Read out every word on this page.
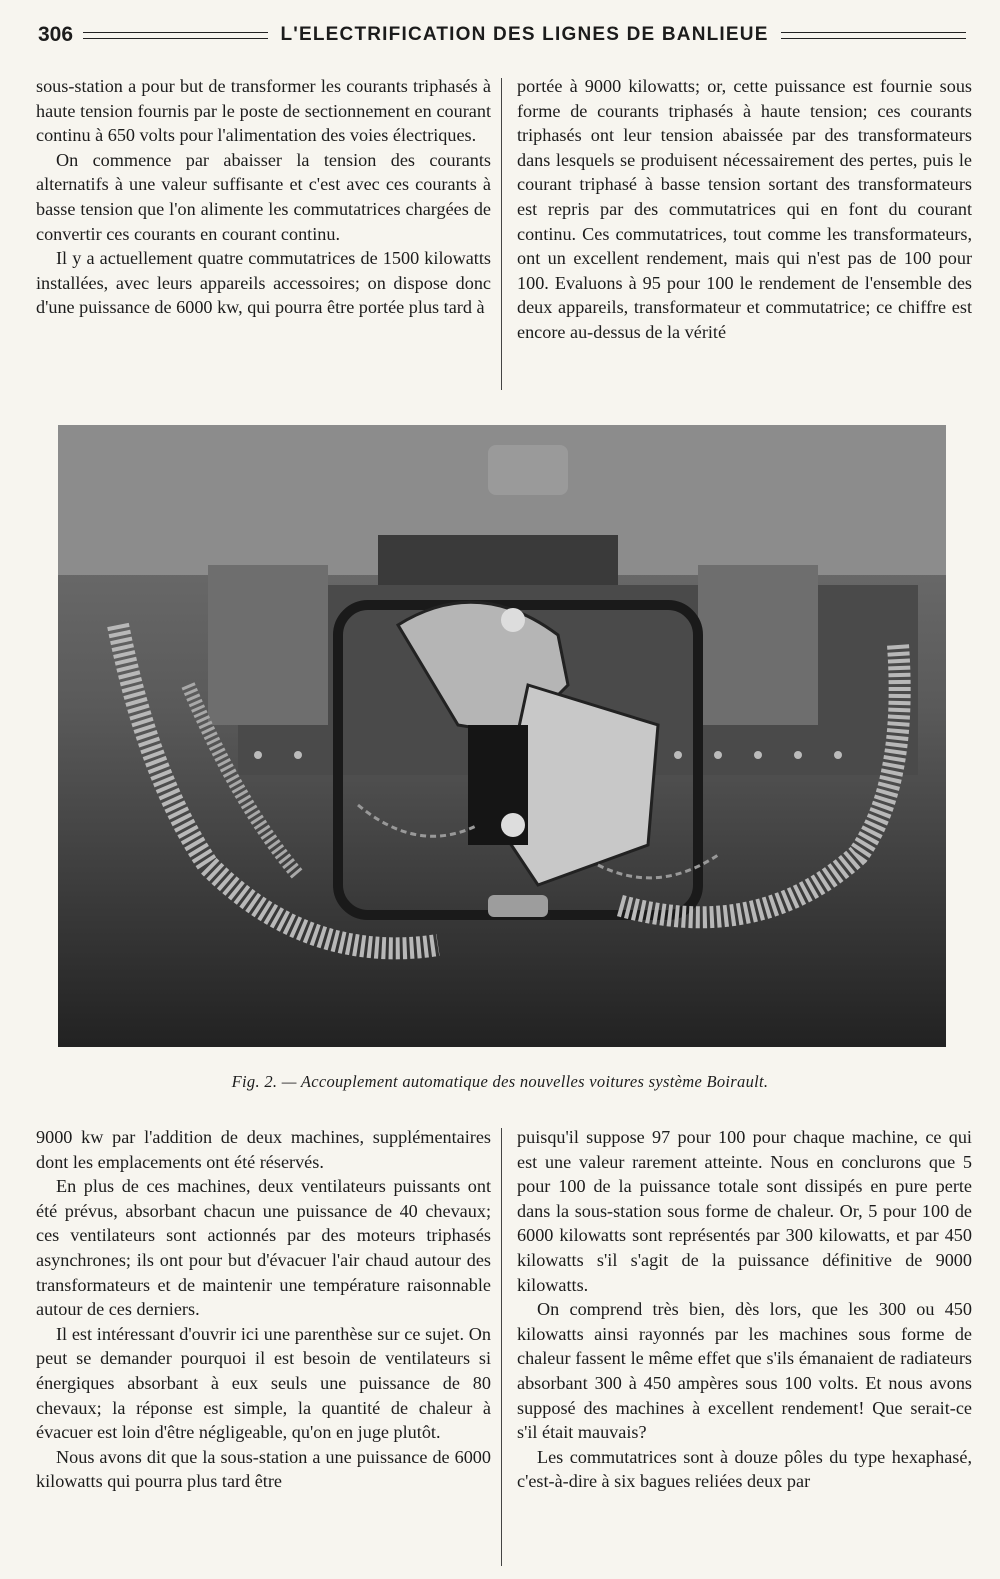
306	L'ELECTRIFICATION DES LIGNES DE BANLIEUE

sous-station a pour but de transformer les courants triphasés à haute tension fournis par le poste de sectionnement en courant continu à 650 volts pour l'alimentation des voies électriques.

On commence par abaisser la tension des courants alternatifs à une valeur suffisante et c'est avec ces courants à basse tension que l'on alimente les commutatrices chargées de convertir ces courants en courant continu.

Il y a actuellement quatre commutatrices de 1500 kilowatts installées, avec leurs appareils accessoires; on dispose donc d'une puissance de 6000 kw, qui pourra être portée plus tard à

portée à 9000 kilowatts; or, cette puissance est fournie sous forme de courants triphasés à haute tension; ces courants triphasés ont leur tension abaissée par des transformateurs dans lesquels se produisent nécessairement des pertes, puis le courant triphasé à basse tension sortant des transformateurs est repris par des commutatrices qui en font du courant continu. Ces commutatrices, tout comme les transformateurs, ont un excellent rendement, mais qui n'est pas de 100 pour 100. Evaluons à 95 pour 100 le rendement de l'ensemble des deux appareils, transformateur et commutatrice; ce chiffre est encore au-dessus de la vérité

Fig. 2. — Accouplement automatique des nouvelles voitures système Boirault.

9000 kw par l'addition de deux machines, supplémentaires dont les emplacements ont été réservés.

En plus de ces machines, deux ventilateurs puissants ont été prévus, absorbant chacun une puissance de 40 chevaux; ces ventilateurs sont actionnés par des moteurs triphasés asynchrones; ils ont pour but d'évacuer l'air chaud autour des transformateurs et de maintenir une température raisonnable autour de ces derniers.

Il est intéressant d'ouvrir ici une parenthèse sur ce sujet. On peut se demander pourquoi il est besoin de ventilateurs si énergiques absorbant à eux seuls une puissance de 80 chevaux; la réponse est simple, la quantité de chaleur à évacuer est loin d'être négligeable, qu'on en juge plutôt.

Nous avons dit que la sous-station a une puissance de 6000 kilowatts qui pourra plus tard être

puisqu'il suppose 97 pour 100 pour chaque machine, ce qui est une valeur rarement atteinte. Nous en conclurons que 5 pour 100 de la puissance totale sont dissipés en pure perte dans la sous-station sous forme de chaleur. Or, 5 pour 100 de 6000 kilowatts sont représentés par 300 kilowatts, et par 450 kilowatts s'il s'agit de la puissance définitive de 9000 kilowatts.

On comprend très bien, dès lors, que les 300 ou 450 kilowatts ainsi rayonnés par les machines sous forme de chaleur fassent le même effet que s'ils émanaient de radiateurs absorbant 300 à 450 ampères sous 100 volts. Et nous avons supposé des machines à excellent rendement! Que serait-ce s'il était mauvais?

Les commutatrices sont à douze pôles du type hexaphasé, c'est-à-dire à six bagues reliées deux par
